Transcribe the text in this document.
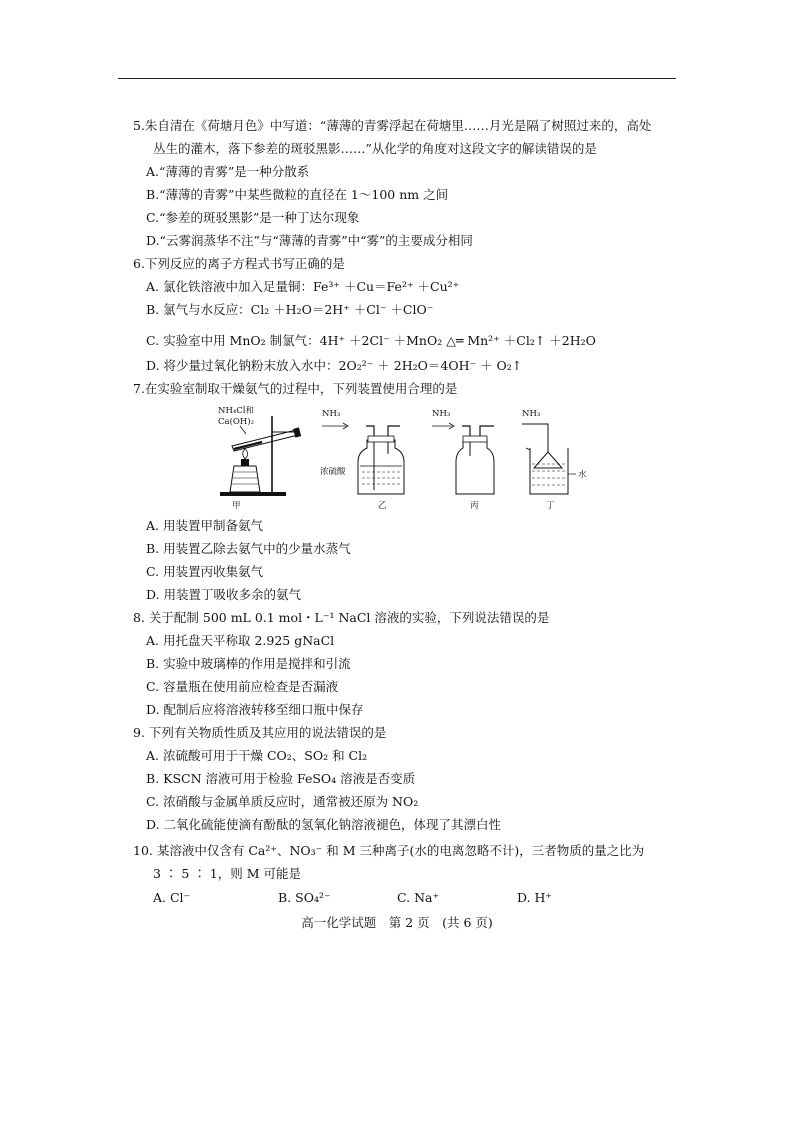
5.朱自清在《荷塘月色》中写道：“薄薄的青雾浮起在荷塘里……月光是隔了树照过来的，高处
丛生的灌木，落下参差的斑驳黑影……”从化学的角度对这段文字的解读错误的是
A.“薄薄的青雾”是一种分散系
B.“薄薄的青雾”中某些微粒的直径在 1～100 nm 之间
C.“参差的斑驳黑影”是一种丁达尔现象
D.“云雾润蒸华不注”与“薄薄的青雾”中“雾”的主要成分相同
6.下列反应的离子方程式书写正确的是
A. 氯化铁溶液中加入足量铜：Fe³⁺ ＋Cu＝Fe²⁺ ＋Cu²⁺
B. 氯气与水反应：Cl₂ ＋H₂O＝2H⁺ ＋Cl⁻ ＋ClO⁻
C. 实验室中用 MnO₂ 制氯气：4H⁺ ＋2Cl⁻ ＋MnO₂ △═ Mn²⁺ ＋Cl₂↑ ＋2H₂O
D. 将少量过氧化钠粉末放入水中：2O₂²⁻ ＋ 2H₂O＝4OH⁻ ＋ O₂↑
7.在实验室制取干燥氨气的过程中，下列装置使用合理的是
NH₄Cl和
Ca(OH)₂
甲
NH₃
浓硫酸
乙
NH₃
丙
NH₃
水
丁
A. 用装置甲制备氨气
B. 用装置乙除去氨气中的少量水蒸气
C. 用装置丙收集氨气
D. 用装置丁吸收多余的氨气
8. 关于配制 500 mL 0.1 mol・L⁻¹ NaCl 溶液的实验，下列说法错误的是
A. 用托盘天平称取 2.925 gNaCl
B. 实验中玻璃棒的作用是搅拌和引流
C. 容量瓶在使用前应检查是否漏液
D. 配制后应将溶液转移至细口瓶中保存
9. 下列有关物质性质及其应用的说法错误的是
A. 浓硫酸可用于干燥 CO₂、SO₂ 和 Cl₂
B. KSCN 溶液可用于检验 FeSO₄ 溶液是否变质
C. 浓硝酸与金属单质反应时，通常被还原为 NO₂
D. 二氧化硫能使滴有酚酞的氢氧化钠溶液褪色，体现了其漂白性
10. 某溶液中仅含有 Ca²⁺、NO₃⁻ 和 M 三种离子(水的电离忽略不计)，三者物质的量之比为
3 ∶ 5 ∶ 1，则 M 可能是
A. Cl⁻	B. SO₄²⁻	C. Na⁺	D. H⁺
高一化学试题　第 2 页　(共 6 页)
